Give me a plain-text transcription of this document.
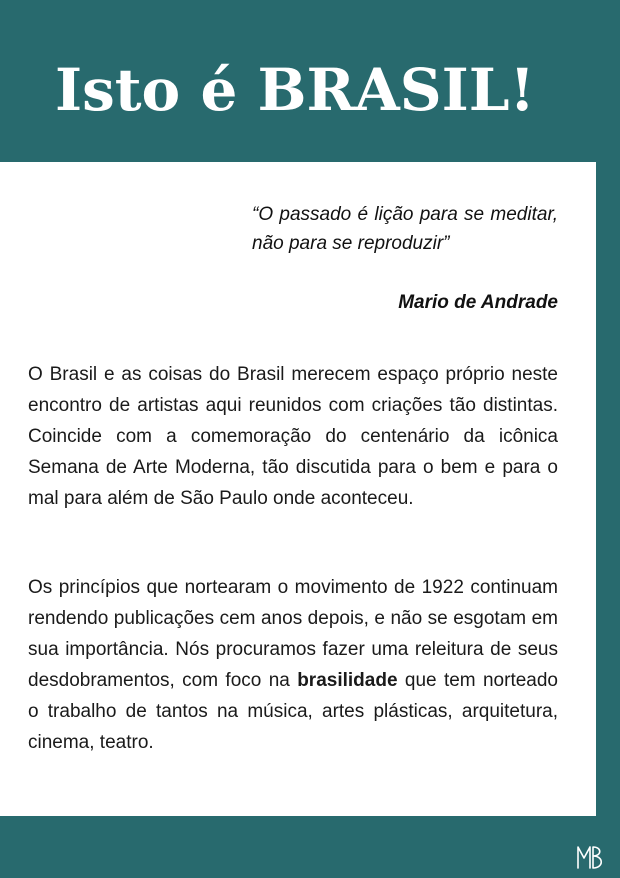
Isto é BRASIL!
“O passado é lição para se meditar, não para se reproduzir”
Mario de Andrade

O Brasil e as coisas do Brasil merecem espaço próprio neste encontro de artistas aqui reunidos com criações tão distintas. Coincide com a comemoração do centenário da icônica Semana de Arte Moderna, tão discutida para o bem e para o mal para além de São Paulo onde aconteceu.

Os princípios que nortearam o movimento de 1922 continuam rendendo publicações cem anos depois, e não se esgotam em sua importância. Nós procuramos fazer uma releitura de seus desdobramentos, com foco na brasilidade que tem norteado o trabalho de tantos na música, artes plásticas, arquitetura, cinema, teatro.
